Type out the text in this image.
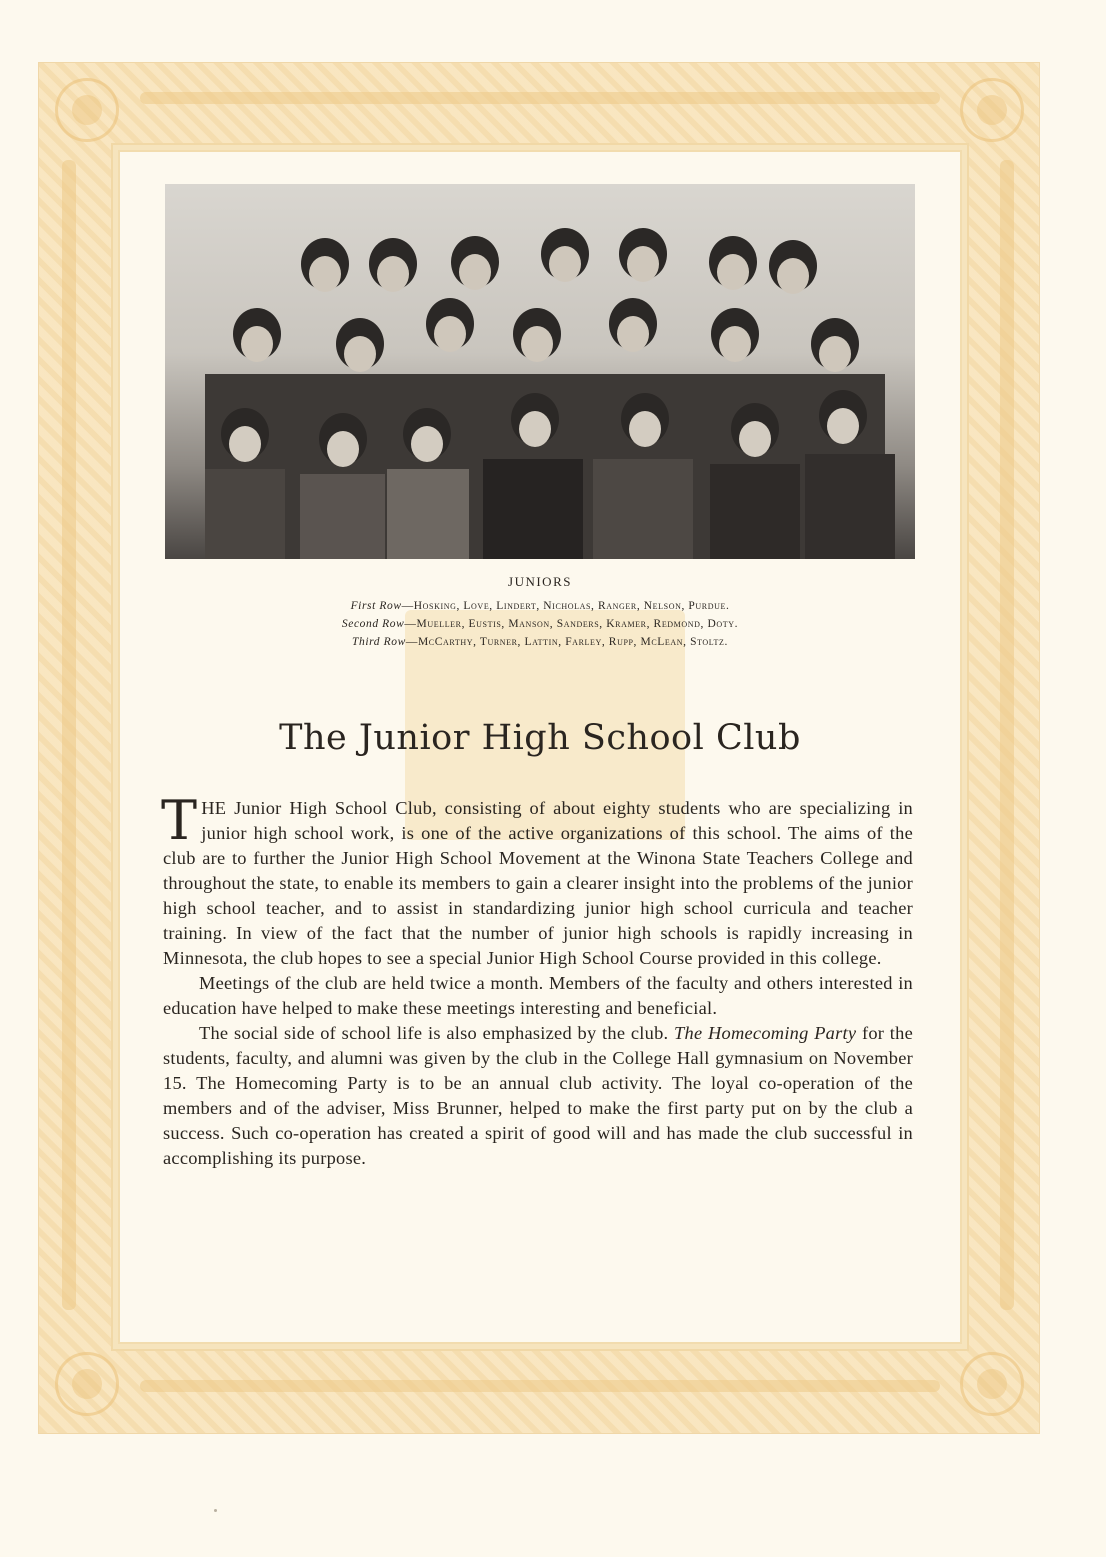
JUNIORS
First Row—Hosking, Love, Lindert, Nicholas, Ranger, Nelson, Purdue.
Second Row—Mueller, Eustis, Manson, Sanders, Kramer, Redmond, Doty.
Third Row—McCarthy, Turner, Lattin, Farley, Rupp, McLean, Stoltz.
The Junior High School Club

THE Junior High School Club, consisting of about eighty students who are specializing in junior high school work, is one of the active organizations of this school. The aims of the club are to further the Junior High School Movement at the Winona State Teachers College and throughout the state, to enable its members to gain a clearer insight into the problems of the junior high school teacher, and to assist in standardizing junior high school curricula and teacher training. In view of the fact that the number of junior high schools is rapidly increasing in Minnesota, the club hopes to see a special Junior High School Course provided in this college.

Meetings of the club are held twice a month. Members of the faculty and others interested in education have helped to make these meetings interesting and beneficial.

The social side of school life is also emphasized by the club. The Homecoming Party for the students, faculty, and alumni was given by the club in the College Hall gymnasium on November 15. The Homecoming Party is to be an annual club activity. The loyal co-operation of the members and of the adviser, Miss Brunner, helped to make the first party put on by the club a success. Such co-operation has created a spirit of good will and has made the club successful in accomplishing its purpose.
